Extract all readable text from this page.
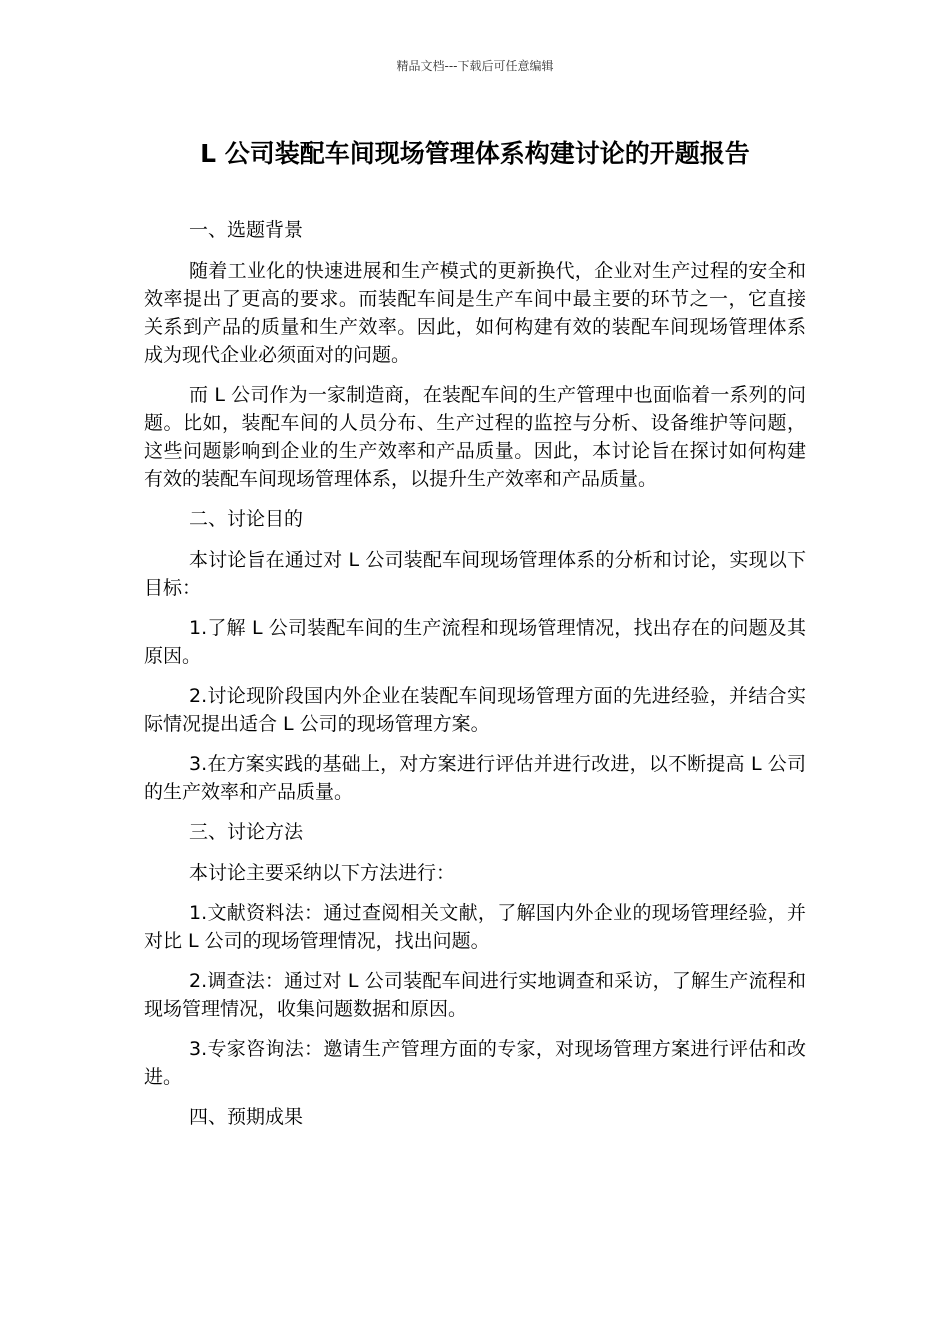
精品文档---下载后可任意编辑
L 公司装配车间现场管理体系构建讨论的开题报告
一、选题背景

随着工业化的快速进展和生产模式的更新换代，企业对生产过程的安全和效率提出了更高的要求。而装配车间是生产车间中最主要的环节之一，它直接关系到产品的质量和生产效率。因此，如何构建有效的装配车间现场管理体系成为现代企业必须面对的问题。

而 L 公司作为一家制造商，在装配车间的生产管理中也面临着一系列的问题。比如，装配车间的人员分布、生产过程的监控与分析、设备维护等问题，这些问题影响到企业的生产效率和产品质量。因此，本讨论旨在探讨如何构建有效的装配车间现场管理体系，以提升生产效率和产品质量。

二、讨论目的

本讨论旨在通过对 L 公司装配车间现场管理体系的分析和讨论，实现以下目标：

1.了解 L 公司装配车间的生产流程和现场管理情况，找出存在的问题及其原因。

2.讨论现阶段国内外企业在装配车间现场管理方面的先进经验，并结合实际情况提出适合 L 公司的现场管理方案。

3.在方案实践的基础上，对方案进行评估并进行改进，以不断提高 L 公司的生产效率和产品质量。

三、讨论方法

本讨论主要采纳以下方法进行：

1.文献资料法：通过查阅相关文献，了解国内外企业的现场管理经验，并对比 L 公司的现场管理情况，找出问题。

2.调查法：通过对 L 公司装配车间进行实地调查和采访，了解生产流程和现场管理情况，收集问题数据和原因。

3.专家咨询法：邀请生产管理方面的专家，对现场管理方案进行评估和改进。

四、预期成果
